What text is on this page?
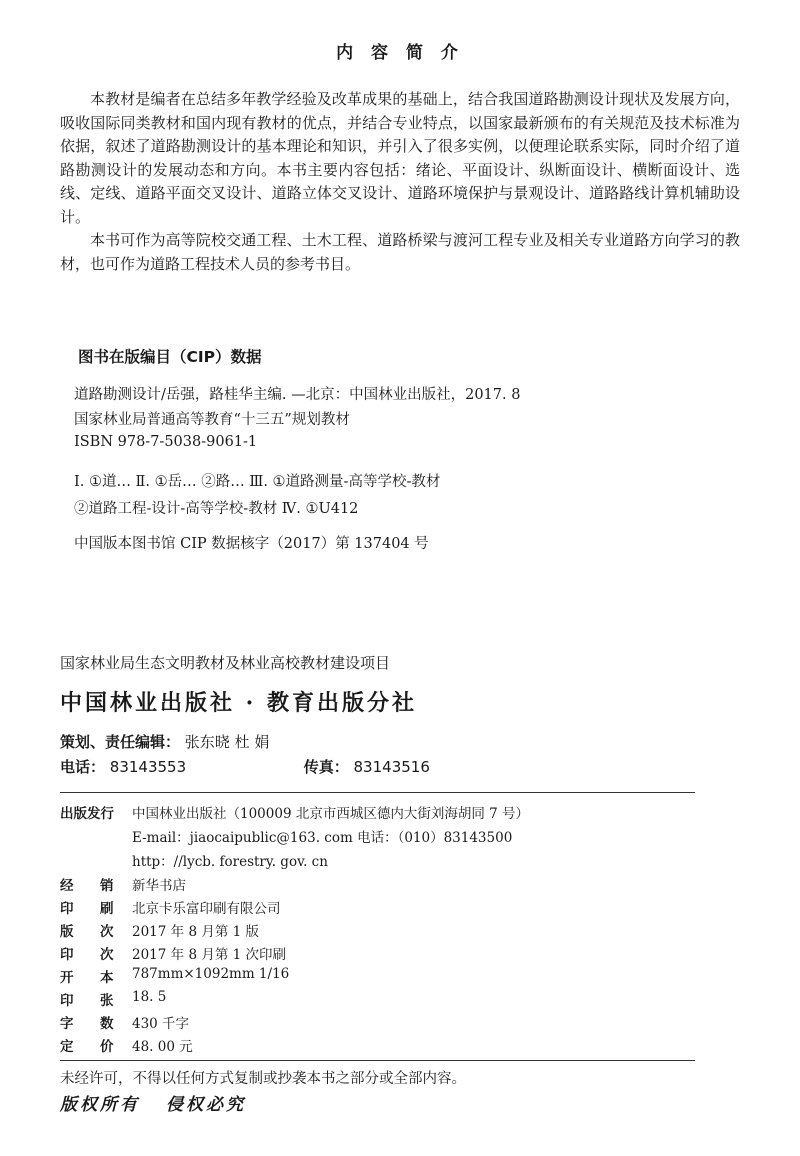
内 容 简 介

本教材是编者在总结多年教学经验及改革成果的基础上，结合我国道路勘测设计现状及发展方向，吸收国际同类教材和国内现有教材的优点，并结合专业特点，以国家最新颁布的有关规范及技术标准为依据，叙述了道路勘测设计的基本理论和知识，并引入了很多实例，以便理论联系实际，同时介绍了道路勘测设计的发展动态和方向。本书主要内容包括：绪论、平面设计、纵断面设计、横断面设计、选线、定线、道路平面交叉设计、道路立体交叉设计、道路环境保护与景观设计、道路路线计算机辅助设计。

本书可作为高等院校交通工程、土木工程、道路桥梁与渡河工程专业及相关专业道路方向学习的教材，也可作为道路工程技术人员的参考书目。

图书在版编目（CIP）数据
道路勘测设计/岳强，路桂华主编. —北京：中国林业出版社，2017. 8
国家林业局普通高等教育“十三五”规划教材
ISBN 978-7-5038-9061-1
Ⅰ. ①道… Ⅱ. ①岳… ②路… Ⅲ. ①道路测量-高等学校-教材
②道路工程-设计-高等学校-教材 Ⅳ. ①U412
中国版本图书馆 CIP 数据核字（2017）第 137404 号
国家林业局生态文明教材及林业高校教材建设项目
中国林业出版社 · 教育出版分社
策划、责任编辑： 张东晓 杜 娟
电话： 83143553	传真： 83143516
出版发行	中国林业出版社（100009 北京市西城区德内大街刘海胡同 7 号）
E-mail：jiaocaipublic@163. com 电话：（010）83143500
http：//lycb. forestry. gov. cn
经 销 新华书店
印 刷 北京卡乐富印刷有限公司
版 次 2017 年 8 月第 1 版
印 次 2017 年 8 月第 1 次印刷
开 本 787mm×1092mm 1/16
印 张 18. 5
字 数 430 千字
定 价 48. 00 元
未经许可，不得以任何方式复制或抄袭本书之部分或全部内容。
版权所有 侵权必究
